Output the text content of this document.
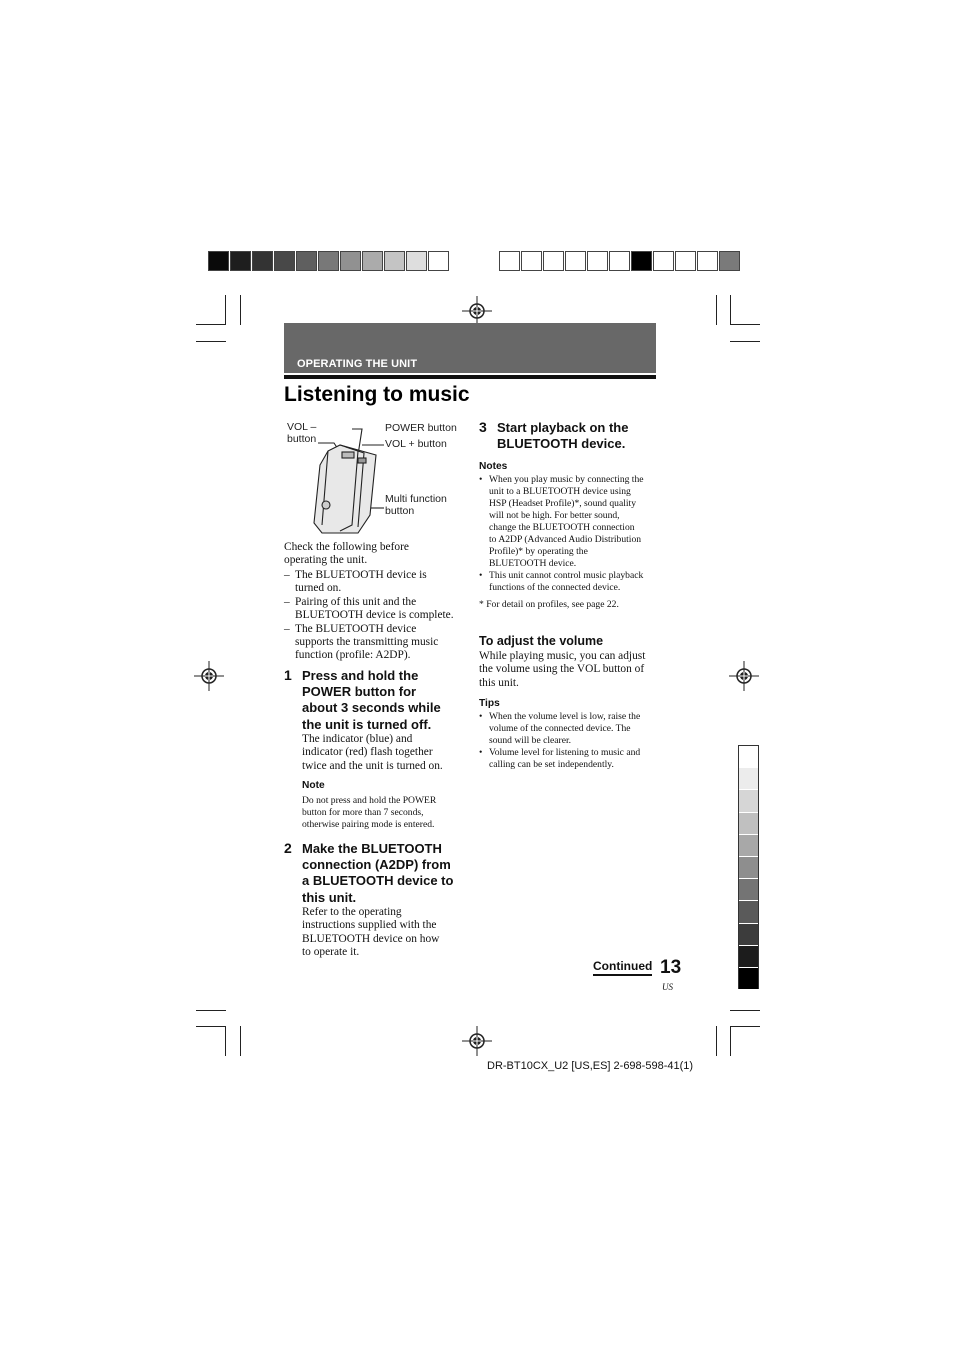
OPERATING THE UNIT
Listening to music
VOL –
button
POWER button
VOL + button
Multi function
button
Check the following before
operating the unit.
– The BLUETOOTH device is
turned on.
– Pairing of this unit and the
BLUETOOTH device is complete.
– The BLUETOOTH device
supports the transmitting music
function (profile: A2DP).
1 Press and hold the
POWER button for
about 3 seconds while
the unit is turned off.
The indicator (blue) and
indicator (red) flash together
twice and the unit is turned on.
Note
Do not press and hold the POWER
button for more than 7 seconds,
otherwise pairing mode is entered.
2 Make the BLUETOOTH
connection (A2DP) from
a BLUETOOTH device to
this unit.
Refer to the operating
instructions supplied with the
BLUETOOTH device on how
to operate it.
3 Start playback on the
BLUETOOTH device.
Notes
• When you play music by connecting the
unit to a BLUETOOTH device using
HSP (Headset Profile)*, sound quality
will not be high. For better sound,
change the BLUETOOTH connection
to A2DP (Advanced Audio Distribution
Profile)* by operating the
BLUETOOTH device.
• This unit cannot control music playback
functions of the connected device.
* For detail on profiles, see page 22.
To adjust the volume
While playing music, you can adjust
the volume using the VOL button of
this unit.
Tips
• When the volume level is low, raise the
volume of the connected device. The
sound will be clearer.
• Volume level for listening to music and
calling can be set independently.
Continued 13
US
DR-BT10CX_U2 [US,ES] 2-698-598-41(1)
